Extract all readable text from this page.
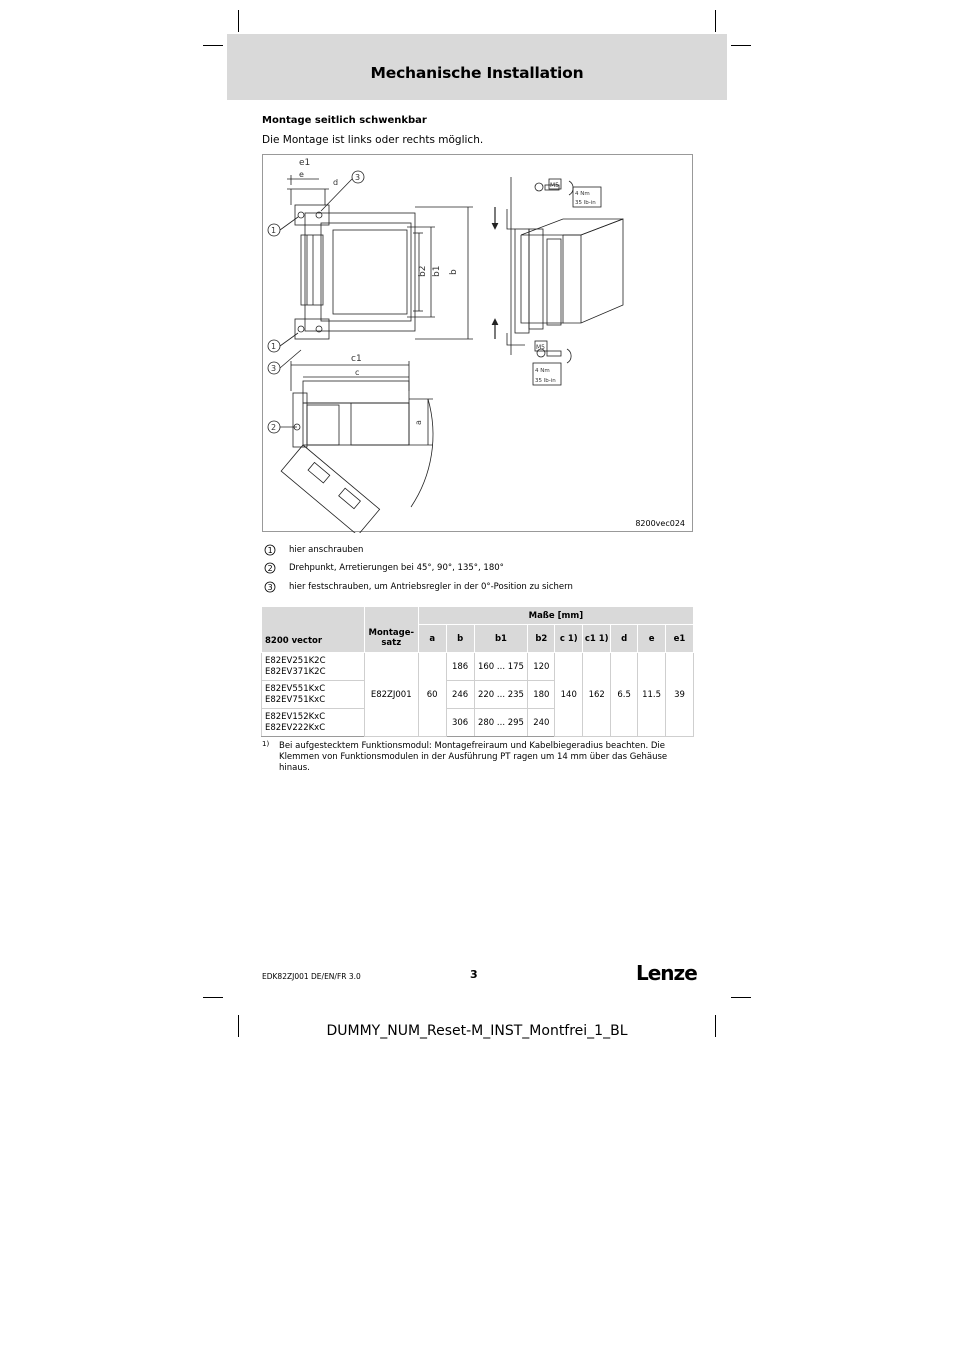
Mechanische Installation
Montage seitlich schwenkbar
Die Montage ist links oder rechts möglich.
b
b1
b2
e1
e
d
1
3
1
3
c1
c
a
2
M5
4 Nm
35 lb-in
M5
4 Nm
35 lb-in
8200vec024
1 hier anschrauben
2 Drehpunkt, Arretierungen bei 45°, 90°, 135°, 180°
3 hier festschrauben, um Antriebsregler in der 0°-Position zu sichern
8200 vector	Montage-satz	Maße [mm]								
		a	b	b1	b2	c 1)	c1 1)	d	e	e1
E82EV251K2C
E82EV371K2C	E82ZJ001	60	186	160 ... 175	120	140	162	6.5	11.5	39
E82EV551KxC
E82EV751KxC			246	220 ... 235	180					
E82EV152KxC
E82EV222KxC			306	280 ... 295	240					
1) Bei aufgestecktem Funktionsmodul: Montagefreiraum und Kabelbiegeradius beachten. Die Klemmen von Funktionsmodulen in der Ausführung PT ragen um 14 mm über das Gehäuse hinaus.
EDK82ZJ001 DE/EN/FR 3.0	3	Lenze
DUMMY_NUM_Reset-M_INST_Montfrei_1_BL
